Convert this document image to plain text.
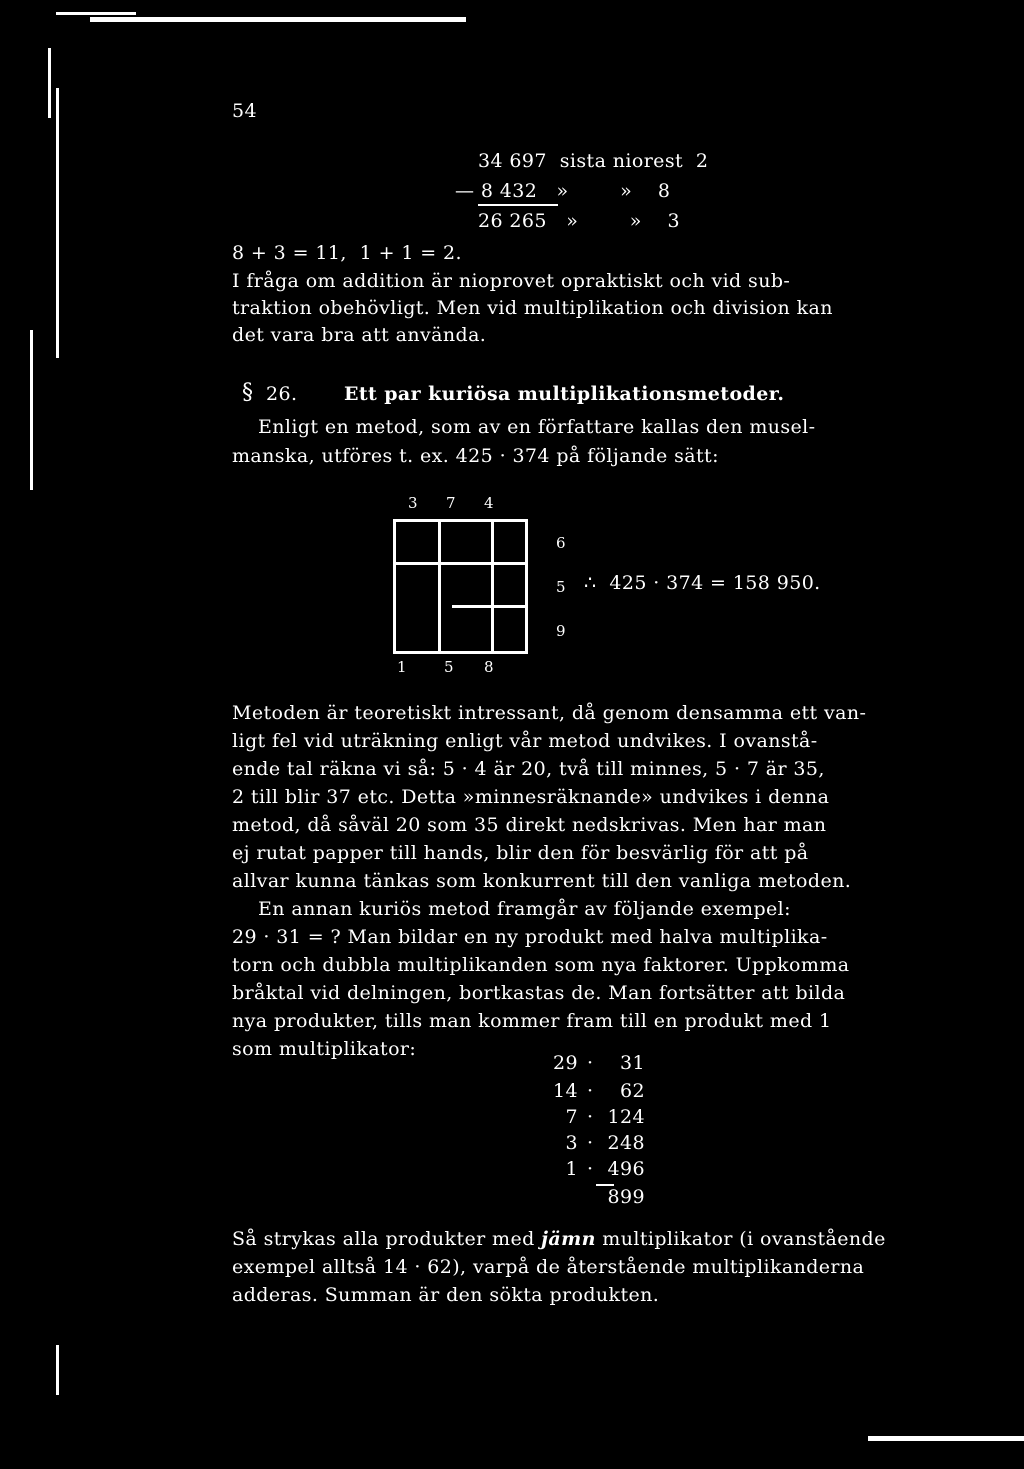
54
34 697  sista niorest  2
— 8 432   »        »    8
26 265   »        »    3
8 + 3 = 11,  1 + 1 = 2.
I fråga om addition är nioprovet opraktiskt och vid sub-
traktion obehövligt. Men vid multiplikation och division kan
det vara bra att använda.
§ 26. Ett par kuriösa multiplikationsmetoder.
Enligt en metod, som av en författare kallas den musel-
manska, utföres t. ex. 425 · 374 på följande sätt:
3 7 4
6
5
9
∴  425 · 374 = 158 950.
1 5 8
Metoden är teoretiskt intressant, då genom densamma ett van-
ligt fel vid uträkning enligt vår metod undvikes. I ovanstå-
ende tal räkna vi så: 5 · 4 är 20, två till minnes, 5 · 7 är 35,
2 till blir 37 etc. Detta »minnesräknande» undvikes i denna
metod, då såväl 20 som 35 direkt nedskrivas. Men har man
ej rutat papper till hands, blir den för besvärlig för att på
allvar kunna tänkas som konkurrent till den vanliga metoden.
En annan kuriös metod framgår av följande exempel:
29 · 31 = ? Man bildar en ny produkt med halva multiplika-
torn och dubbla multiplikanden som nya faktorer. Uppkomma
bråktal vid delningen, bortkastas de. Man fortsätter att bilda
nya produkter, tills man kommer fram till en produkt med 1
som multiplikator:
29 ·	31
14 ·	62
7 · 124
3 · 248
1 · 496
899
Så strykas alla produkter med jämn multiplikator (i ovanstående
exempel alltså 14 · 62), varpå de återstående multiplikanderna
adderas. Summan är den sökta produkten.
